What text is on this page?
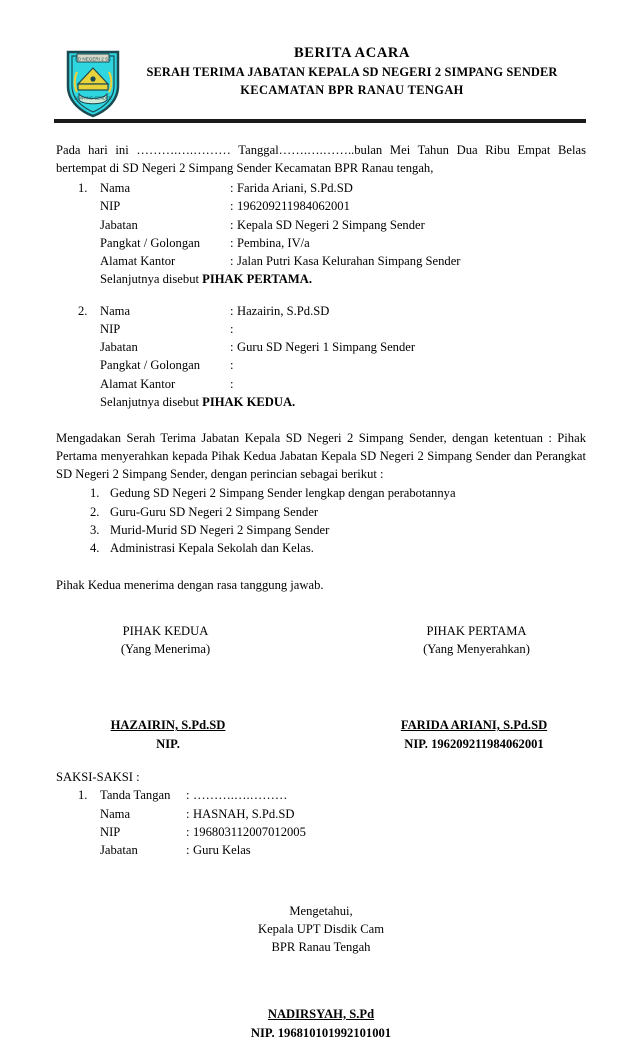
SD NEGERI 2 SS
SIMPANG SENDER
BERITA ACARA
SERAH TERIMA JABATAN KEPALA SD NEGERI 2 SIMPANG SENDER
KECAMATAN BPR RANAU TENGAH
Pada hari ini ……….….……… Tanggal…….….……..bulan Mei Tahun Dua Ribu Empat Belas bertempat di SD Negeri 2 Simpang Sender Kecamatan BPR Ranau tengah,
1. Nama	: Farida Ariani, S.Pd.SD
NIP	: 196209211984062001
Jabatan	: Kepala SD Negeri 2 Simpang Sender
Pangkat / Golongan	: Pembina, IV/a
Alamat Kantor	: Jalan Putri Kasa Kelurahan Simpang Sender
Selanjutnya disebut PIHAK PERTAMA.
2. Nama	: Hazairin, S.Pd.SD
NIP	:
Jabatan	: Guru SD Negeri 1 Simpang Sender
Pangkat / Golongan	:
Alamat Kantor	:
Selanjutnya disebut PIHAK KEDUA.
Mengadakan Serah Terima Jabatan Kepala SD Negeri 2 Simpang Sender, dengan ketentuan : Pihak Pertama menyerahkan kepada Pihak Kedua Jabatan Kepala SD Negeri 2 Simpang Sender dan Perangkat SD Negeri 2 Simpang Sender, dengan perincian sebagai berikut :
1. Gedung SD Negeri 2 Simpang Sender lengkap dengan perabotannya
2. Guru-Guru SD Negeri 2 Simpang Sender
3. Murid-Murid SD Negeri 2 Simpang Sender
4. Administrasi Kepala Sekolah dan Kelas.
Pihak Kedua menerima dengan rasa tanggung jawab.
PIHAK KEDUA
(Yang Menerima)
PIHAK PERTAMA
(Yang Menyerahkan)
HAZAIRIN, S.Pd.SD
NIP.
FARIDA ARIANI, S.Pd.SD
NIP. 196209211984062001
SAKSI-SAKSI :
1. Tanda Tangan	: ……….….………
Nama	: HASNAH, S.Pd.SD
NIP	: 196803112007012005
Jabatan	: Guru Kelas
Mengetahui,
Kepala UPT Disdik Cam
BPR Ranau Tengah
NADIRSYAH, S.Pd
NIP. 196810101992101001
